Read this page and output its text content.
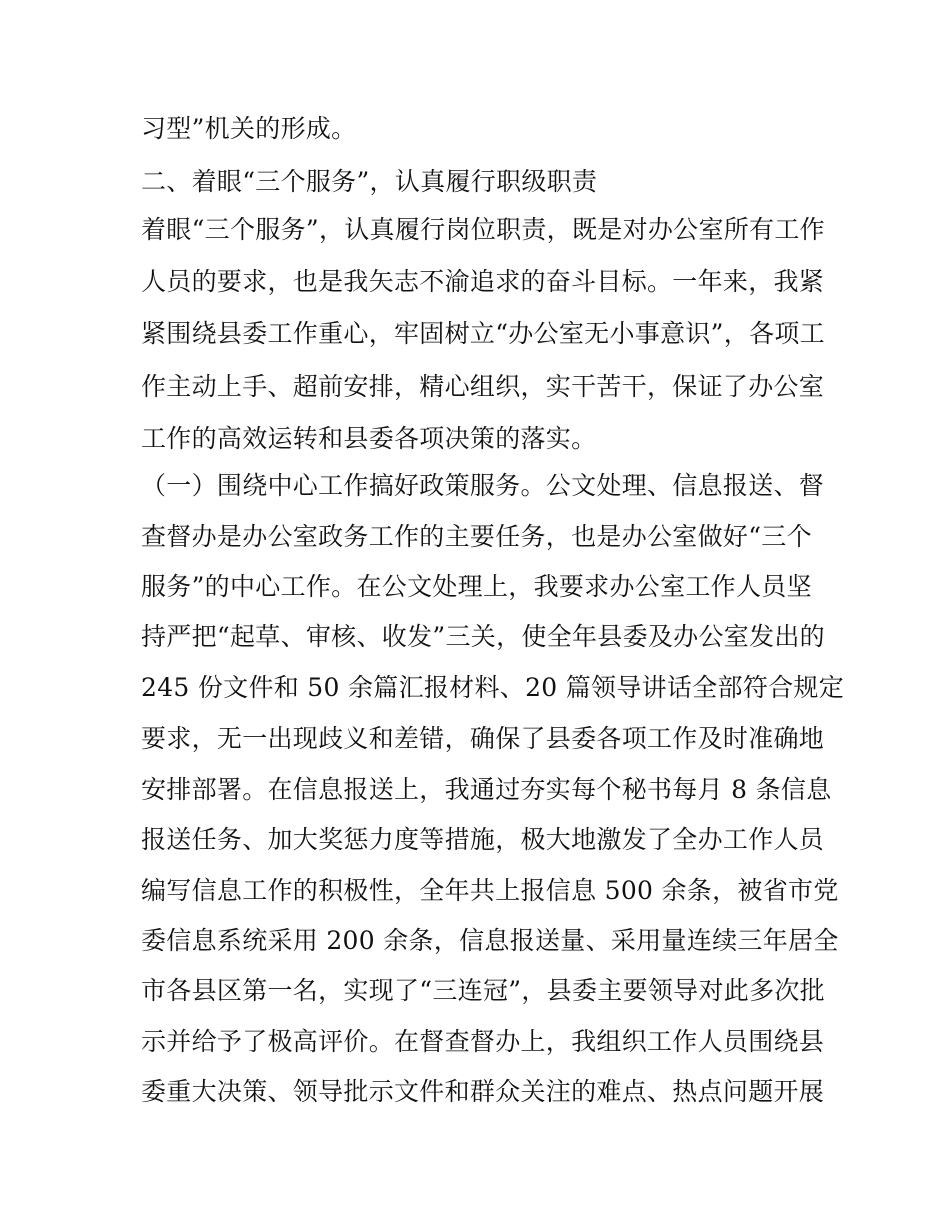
习型”机关的形成。

二、着眼“三个服务”，认真履行职级职责

着眼“三个服务”，认真履行岗位职责，既是对办公室所有工作

人员的要求，也是我矢志不渝追求的奋斗目标。一年来，我紧

紧围绕县委工作重心，牢固树立“办公室无小事意识”，各项工

作主动上手、超前安排，精心组织，实干苦干，保证了办公室

工作的高效运转和县委各项决策的落实。

（一）围绕中心工作搞好政策服务。公文处理、信息报送、督

查督办是办公室政务工作的主要任务，也是办公室做好“三个

服务”的中心工作。在公文处理上，我要求办公室工作人员坚

持严把“起草、审核、收发”三关，使全年县委及办公室发出的

245 份文件和 50 余篇汇报材料、20 篇领导讲话全部符合规定

要求，无一出现歧义和差错，确保了县委各项工作及时准确地

安排部署。在信息报送上，我通过夯实每个秘书每月 8 条信息

报送任务、加大奖惩力度等措施，极大地激发了全办工作人员

编写信息工作的积极性，全年共上报信息 500 余条，被省市党

委信息系统采用 200 余条，信息报送量、采用量连续三年居全

市各县区第一名，实现了“三连冠”，县委主要领导对此多次批

示并给予了极高评价。在督查督办上，我组织工作人员围绕县

委重大决策、领导批示文件和群众关注的难点、热点问题开展
